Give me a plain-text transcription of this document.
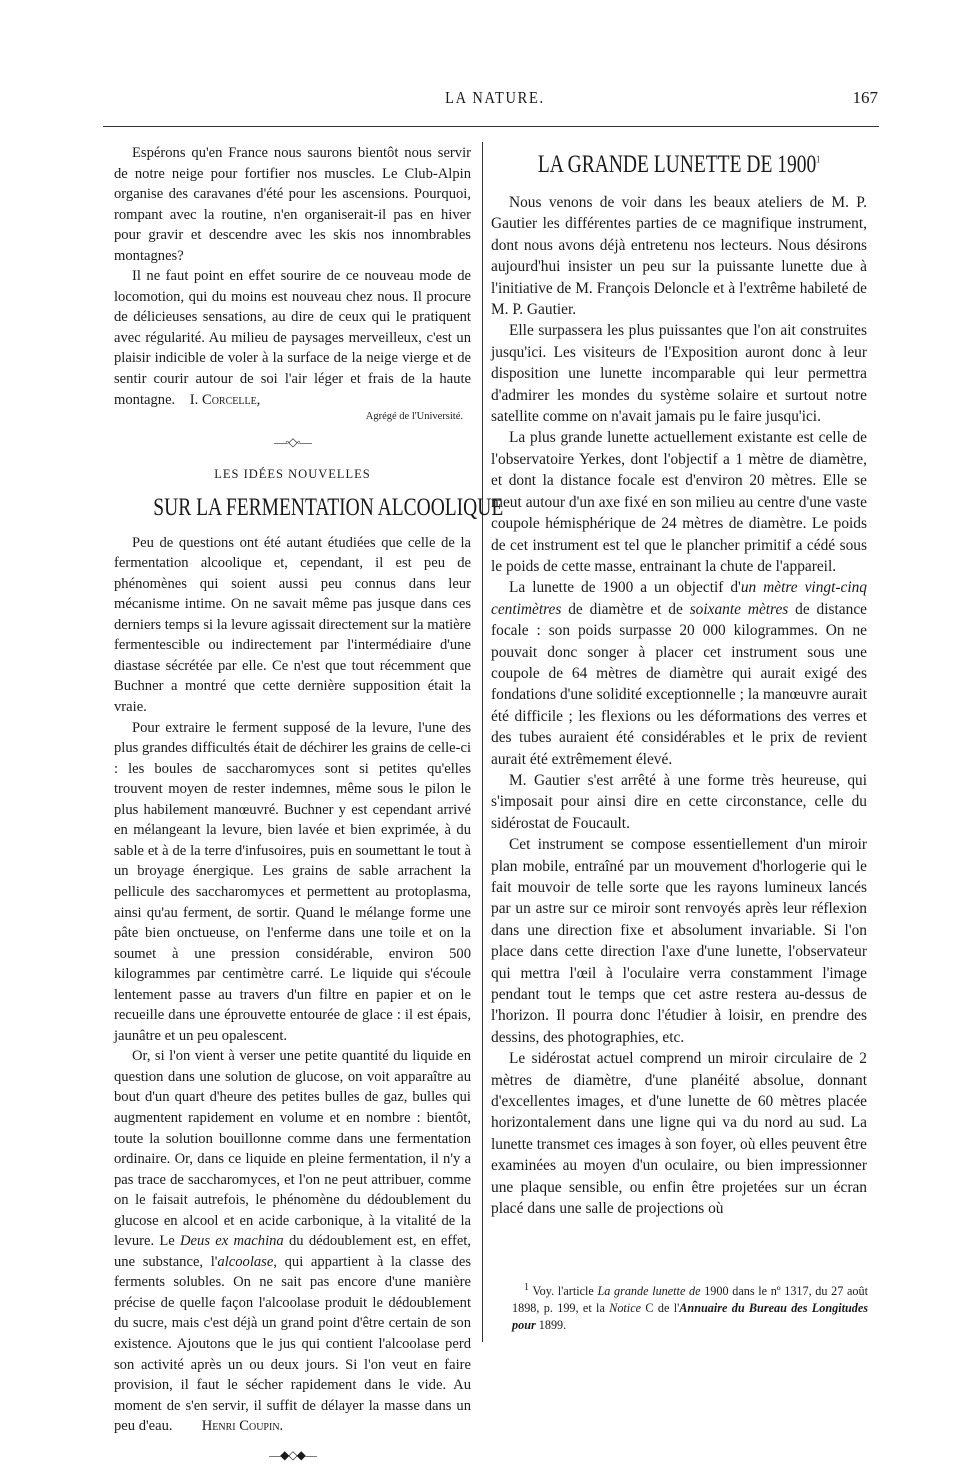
LA NATURE.	167

Espérons qu'en France nous saurons bientôt nous servir de notre neige pour fortifier nos muscles. Le Club-Alpin organise des caravanes d'été pour les ascensions. Pourquoi, rompant avec la routine, n'en organiserait-il pas en hiver pour gravir et descendre avec les skis nos innombrables montagnes?

Il ne faut point en effet sourire de ce nouveau mode de locomotion, qui du moins est nouveau chez nous. Il procure de délicieuses sensations, au dire de ceux qui le pratiquent avec régularité. Au milieu de paysages merveilleux, c'est un plaisir indicible de voler à la surface de la neige vierge et de sentir courir autour de soi l'air léger et frais de la haute montagne. I. Corcelle,

Agrégé de l'Université.
—◦◇◦—
LES IDÉES NOUVELLES
SUR LA FERMENTATION ALCOOLIQUE

Peu de questions ont été autant étudiées que celle de la fermentation alcoolique et, cependant, il est peu de phénomènes qui soient aussi peu connus dans leur mécanisme intime. On ne savait même pas jusque dans ces derniers temps si la levure agissait directement sur la matière fermentescible ou indirectement par l'intermédiaire d'une diastase sécrétée par elle. Ce n'est que tout récemment que Buchner a montré que cette dernière supposition était la vraie.

Pour extraire le ferment supposé de la levure, l'une des plus grandes difficultés était de déchirer les grains de celle-ci : les boules de saccharomyces sont si petites qu'elles trouvent moyen de rester indemnes, même sous le pilon le plus habilement manœuvré. Buchner y est cependant arrivé en mélangeant la levure, bien lavée et bien exprimée, à du sable et à de la terre d'infusoires, puis en soumettant le tout à un broyage énergique. Les grains de sable arrachent la pellicule des saccharomyces et permettent au protoplasma, ainsi qu'au ferment, de sortir. Quand le mélange forme une pâte bien onctueuse, on l'enferme dans une toile et on la soumet à une pression considérable, environ 500 kilogrammes par centimètre carré. Le liquide qui s'écoule lentement passe au travers d'un filtre en papier et on le recueille dans une éprouvette entourée de glace : il est épais, jaunâtre et un peu opalescent.

Or, si l'on vient à verser une petite quantité du liquide en question dans une solution de glucose, on voit apparaître au bout d'un quart d'heure des petites bulles de gaz, bulles qui augmentent rapidement en volume et en nombre : bientôt, toute la solution bouillonne comme dans une fermentation ordinaire. Or, dans ce liquide en pleine fermentation, il n'y a pas trace de saccharomyces, et l'on ne peut attribuer, comme on le faisait autrefois, le phénomène du dédoublement du glucose en alcool et en acide carbonique, à la vitalité de la levure. Le Deus ex machina du dédoublement est, en effet, une substance, l'alcoolase, qui appartient à la classe des ferments solubles. On ne sait pas encore d'une manière précise de quelle façon l'alcoolase produit le dédoublement du sucre, mais c'est déjà un grand point d'être certain de son existence. Ajoutons que le jus qui contient l'alcoolase perd son activité après un ou deux jours. Si l'on veut en faire provision, il faut le sécher rapidement dans le vide. Au moment de s'en servir, il suffit de délayer la masse dans un peu d'eau. Henri Coupin.

—◆◇◆—
LA GRANDE LUNETTE DE 1900$^1$

Nous venons de voir dans les beaux ateliers de M. P. Gautier les différentes parties de ce magnifique instrument, dont nous avons déjà entretenu nos lecteurs. Nous désirons aujourd'hui insister un peu sur la puissante lunette due à l'initiative de M. François Deloncle et à l'extrême habileté de M. P. Gautier.

Elle surpassera les plus puissantes que l'on ait construites jusqu'ici. Les visiteurs de l'Exposition auront donc à leur disposition une lunette incomparable qui leur permettra d'admirer les mondes du système solaire et surtout notre satellite comme on n'avait jamais pu le faire jusqu'ici.

La plus grande lunette actuellement existante est celle de l'observatoire Yerkes, dont l'objectif a 1 mètre de diamètre, et dont la distance focale est d'environ 20 mètres. Elle se meut autour d'un axe fixé en son milieu au centre d'une vaste coupole hémisphérique de 24 mètres de diamètre. Le poids de cet instrument est tel que le plancher primitif a cédé sous le poids de cette masse, entrainant la chute de l'appareil.

La lunette de 1900 a un objectif d'un mètre vingt-cinq centimètres de diamètre et de soixante mètres de distance focale : son poids surpasse 20 000 kilogrammes. On ne pouvait donc songer à placer cet instrument sous une coupole de 64 mètres de diamètre qui aurait exigé des fondations d'une solidité exceptionnelle ; la manœuvre aurait été difficile ; les flexions ou les déformations des verres et des tubes auraient été considérables et le prix de revient aurait été extrêmement élevé.

M. Gautier s'est arrêté à une forme très heureuse, qui s'imposait pour ainsi dire en cette circonstance, celle du sidérostat de Foucault.

Cet instrument se compose essentiellement d'un miroir plan mobile, entraîné par un mouvement d'horlogerie qui le fait mouvoir de telle sorte que les rayons lumineux lancés par un astre sur ce miroir sont renvoyés après leur réflexion dans une direction fixe et absolument invariable. Si l'on place dans cette direction l'axe d'une lunette, l'observateur qui mettra l'œil à l'oculaire verra constamment l'image pendant tout le temps que cet astre restera au-dessus de l'horizon. Il pourra donc l'étudier à loisir, en prendre des dessins, des photographies, etc.

Le sidérostat actuel comprend un miroir circulaire de 2 mètres de diamètre, d'une planéité absolue, donnant d'excellentes images, et d'une lunette de 60 mètres placée horizontalement dans une ligne qui va du nord au sud. La lunette transmet ces images à son foyer, où elles peuvent être examinées au moyen d'un oculaire, ou bien impressionner une plaque sensible, ou enfin être projetées sur un écran placé dans une salle de projections où

$^1$ Voy. l'article La grande lunette de 1900 dans le nº 1317, du 27 août 1898, p. 199, et la Notice C de l'Annuaire du Bureau des Longitudes pour 1899.
